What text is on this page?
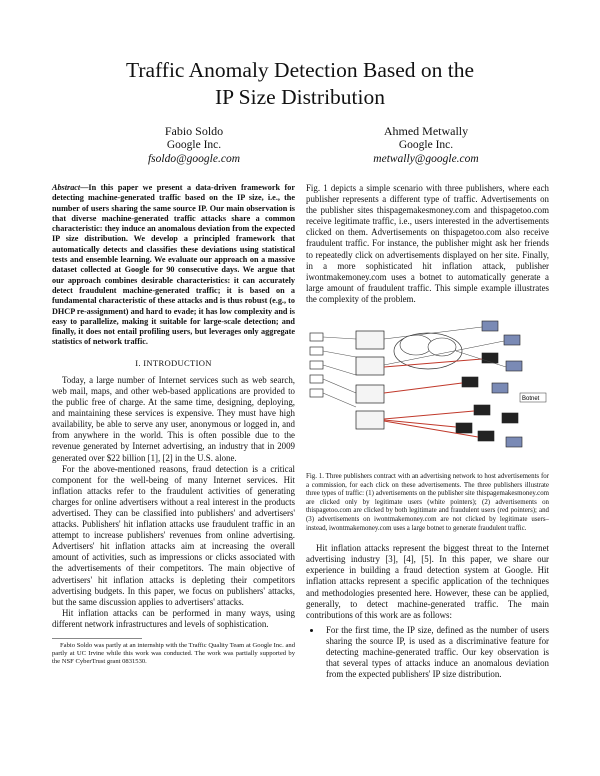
Traffic Anomaly Detection Based on the
IP Size Distribution
Fabio Soldo
Google Inc.
fsoldo@google.com
Ahmed Metwally
Google Inc.
metwally@google.com
Abstract—In this paper we present a data-driven framework for detecting machine-generated traffic based on the IP size, i.e., the number of users sharing the same source IP. Our main observation is that diverse machine-generated traffic attacks share a common characteristic: they induce an anomalous deviation from the expected IP size distribution. We develop a principled framework that automatically detects and classifies these deviations using statistical tests and ensemble learning. We evaluate our approach on a massive dataset collected at Google for 90 consecutive days. We argue that our approach combines desirable characteristics: it can accurately detect fraudulent machine-generated traffic; it is based on a fundamental characteristic of these attacks and is thus robust (e.g., to DHCP re-assignment) and hard to evade; it has low complexity and is easy to parallelize, making it suitable for large-scale detection; and finally, it does not entail profiling users, but leverages only aggregate statistics of network traffic.
I. INTRODUCTION

Today, a large number of Internet services such as web search, web mail, maps, and other web-based applications are provided to the public free of charge. At the same time, designing, deploying, and maintaining these services is expensive. They must have high availability, be able to serve any user, anonymous or logged in, and from anywhere in the world. This is often possible due to the revenue generated by Internet advertising, an industry that in 2009 generated over $22 billion [1], [2] in the U.S. alone.

For the above-mentioned reasons, fraud detection is a critical component for the well-being of many Internet services. Hit inflation attacks refer to the fraudulent activities of generating charges for online advertisers without a real interest in the products advertised. They can be classified into publishers' and advertisers' attacks. Publishers' hit inflation attacks use fraudulent traffic in an attempt to increase publishers' revenues from online advertising. Advertisers' hit inflation attacks aim at increasing the overall amount of activities, such as impressions or clicks associated with the advertisements of their competitors. The main objective of advertisers' hit inflation attacks is depleting their competitors advertising budgets. In this paper, we focus on publishers' attacks, but the same discussion applies to advertisers' attacks.

Hit inflation attacks can be performed in many ways, using different network infrastructures and levels of sophistication.

Fabio Soldo was partly at an internship with the Traffic Quality Team at Google Inc. and partly at UC Irvine while this work was conducted. The work was partially supported by the NSF CyberTrust grant 0831530.

Fig. 1 depicts a simple scenario with three publishers, where each publisher represents a different type of traffic. Advertisements on the publisher sites thispagemakesmoney.com and thispagetoo.com receive legitimate traffic, i.e., users interested in the advertisements clicked on them. Advertisements on thispagetoo.com also receive fraudulent traffic. For instance, the publisher might ask her friends to repeatedly click on advertisements displayed on her site. Finally, in a more sophisticated hit inflation attack, publisher iwontmakemoney.com uses a botnet to automatically generate a large amount of fraudulent traffic. This simple example illustrates the complexity of the problem.

Botnet
Fig. 1. Three publishers contract with an advertising network to host advertisements for a commission, for each click on these advertisements. The three publishers illustrate three types of traffic: (1) advertisements on the publisher site thispagemakesmoney.com are clicked only by legitimate users (white pointers); (2) advertisements on thispagetoo.com are clicked by both legitimate and fraudulent users (red pointers); and (3) advertisements on iwontmakemoney.com are not clicked by legitimate users–instead, iwontmakemoney.com uses a large botnet to generate fraudulent traffic.

Hit inflation attacks represent the biggest threat to the Internet advertising industry [3], [4], [5]. In this paper, we share our experience in building a fraud detection system at Google. Hit inflation attacks represent a specific application of the techniques and methodologies presented here. However, these can be applied, generally, to detect machine-generated traffic. The main contributions of this work are as follows:

• For the first time, the IP size, defined as the number of users sharing the source IP, is used as a discriminative feature for detecting machine-generated traffic. Our key observation is that several types of attacks induce an anomalous deviation from the expected publishers' IP size distribution.
